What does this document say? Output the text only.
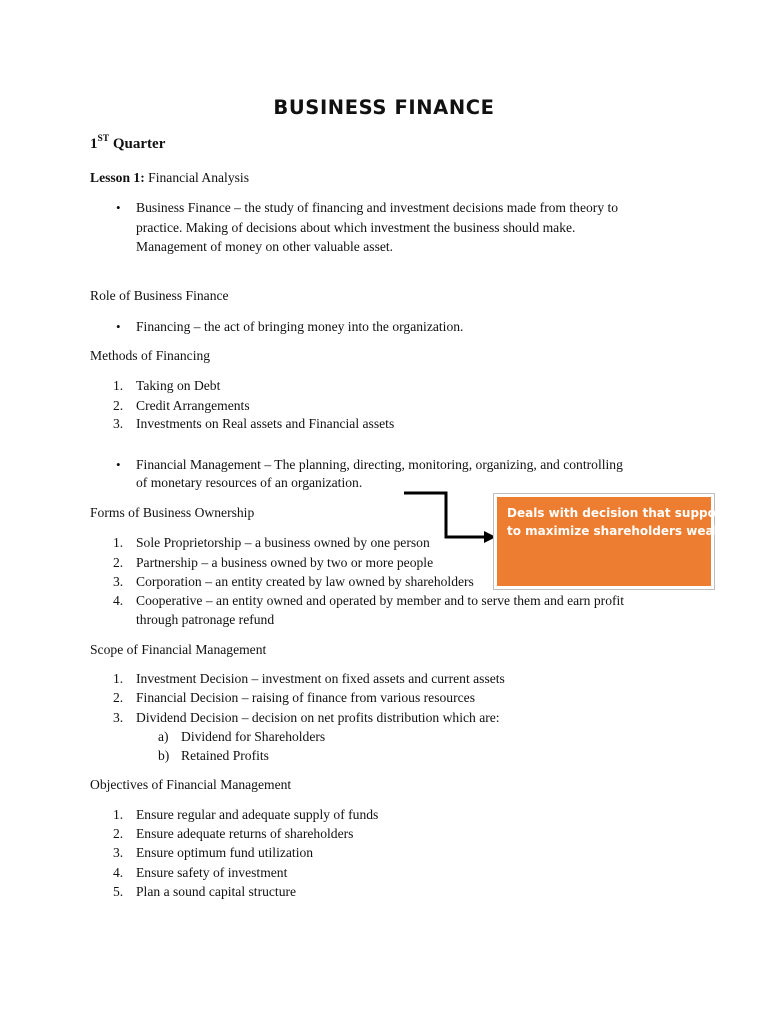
BUSINESS FINANCE
1ST Quarter
Lesson 1: Financial Analysis
• Business Finance – the study of financing and investment decisions made from theory to
practice. Making of decisions about which investment the business should make.
Management of money on other valuable asset.
Role of Business Finance
• Financing – the act of bringing money into the organization.
Methods of Financing
1. Taking on Debt
2. Credit Arrangements
3. Investments on Real assets and Financial assets
• Financial Management – The planning, directing, monitoring, organizing, and controlling
of monetary resources of an organization.
Forms of Business Ownership
1. Sole Proprietorship – a business owned by one person
2. Partnership – a business owned by two or more people
3. Corporation – an entity created by law owned by shareholders
4. Cooperative – an entity owned and operated by member and to serve them and earn profit
through patronage refund
Deals with decision that supposed
to maximize shareholders wealth.
Scope of Financial Management
1. Investment Decision – investment on fixed assets and current assets
2. Financial Decision – raising of finance from various resources
3. Dividend Decision – decision on net profits distribution which are:
a) Dividend for Shareholders
b) Retained Profits
Objectives of Financial Management
1. Ensure regular and adequate supply of funds
2. Ensure adequate returns of shareholders
3. Ensure optimum fund utilization
4. Ensure safety of investment
5. Plan a sound capital structure
